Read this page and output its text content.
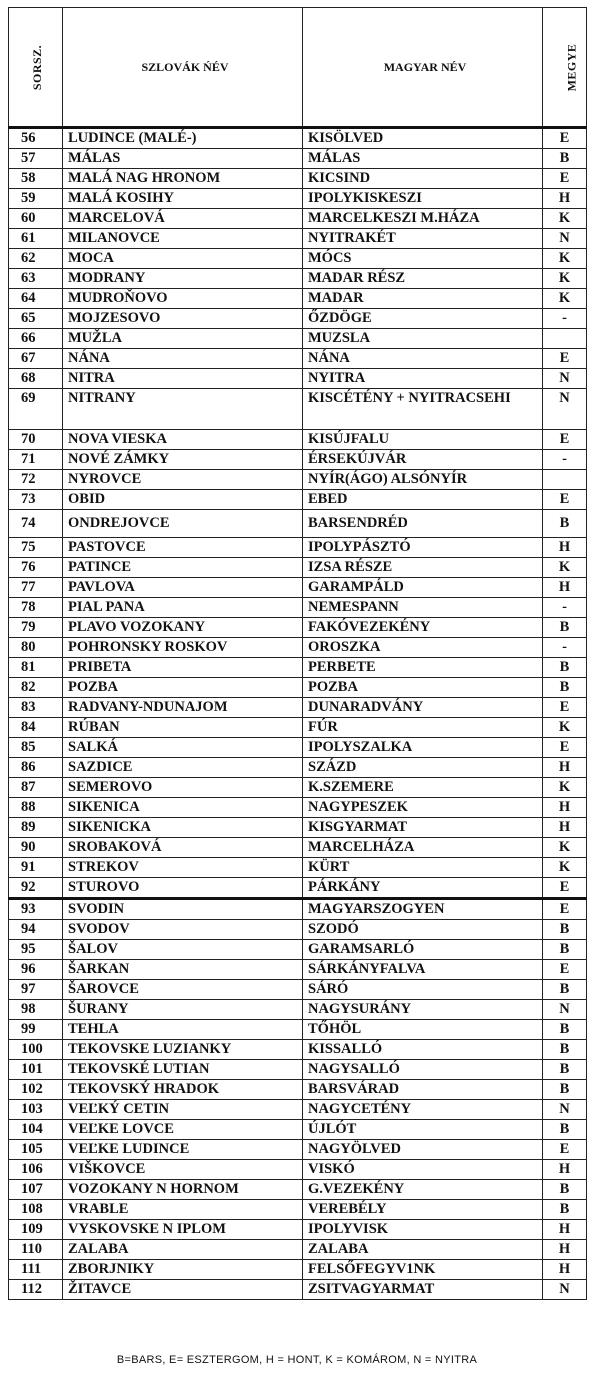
SORSZ.	SZLOVÁK ŃÉV	MAGYAR NÉV	MEGYE
56	LUDINCE (MALÉ-)	KISÖLVED	E
57	MÁLAS	MÁLAS	B
58	MALÁ NAG HRONOM	KICSIND	E
59	MALÁ KOSIHY	IPOLYKISKESZI	H
60	MARCELOVÁ	MARCELKESZI M.HÁZA	K
61	MILANOVCE	NYITRAKÉT	N
62	MOCA	MÓCS	K
63	MODRANY	MADAR RÉSZ	K
64	MUDROŇOVO	MADAR	K
65	MOJZESOVO	ŐZDÖGE	-
66	MUŽLA	MUZSLA	
67	NÁNA	NÁNA	E
68	NITRA	NYITRA	N
69	NITRANY	KISCÉTÉNY + NYITRACSEHI	N
70	NOVA VIESKA	KISÚJFALU	E
71	NOVÉ ZÁMKY	ÉRSEKÚJVÁR	-
72	NYROVCE	NYÍR(ÁGO) ALSÓNYÍR	
73	OBID	EBED	E
74	ONDREJOVCE	BARSENDRÉD	B
75	PASTOVCE	IPOLYPÁSZTÓ	H
76	PATINCE	IZSA RÉSZE	K
77	PAVLOVA	GARAMPÁLD	H
78	PIAL PANA	NEMESPANN	-
79	PLAVO VOZOKANY	FAKÓVEZEKÉNY	B
80	POHRONSKY ROSKOV	OROSZKA	-
81	PRIBETA	PERBETE	B
82	POZBA	POZBA	B
83	RADVANY-NDUNAJOM	DUNARADVÁNY	E
84	RÚBAN	FÚR	K
85	SALKÁ	IPOLYSZALKA	E
86	SAZDICE	SZÁZD	H
87	SEMEROVO	K.SZEMERE	K
88	SIKENICA	NAGYPESZEK	H
89	SIKENICKA	KISGYARMAT	H
90	SROBAKOVÁ	MARCELHÁZA	K
91	STREKOV	KÜRT	K
92	STUROVO	PÁRKÁNY	E
93	SVODIN	MAGYARSZOGYEN	E
94	SVODOV	SZODÓ	B
95	ŠALOV	GARAMSARLÓ	B
96	ŠARKAN	SÁRKÁNYFALVA	E
97	ŠAROVCE	SÁRÓ	B
98	ŠURANY	NAGYSURÁNY	N
99	TEHLA	TŐHÖL	B
100	TEKOVSKE LUZIANKY	KISSALLÓ	B
101	TEKOVSKÉ LUTIAN	NAGYSALLÓ	B
102	TEKOVSKÝ HRADOK	BARSVÁRAD	B
103	VEĽKÝ CETIN	NAGYCETÉNY	N
104	VEĽKE LOVCE	ÚJLÓT	B
105	VEĽKE LUDINCE	NAGYÖLVED	E
106	VIŠKOVCE	VISKÓ	H
107	VOZOKANY N HORNOM	G.VEZEKÉNY	B
108	VRABLE	VEREBÉLY	B
109	VYSKOVSKE N IPLOM	IPOLYVISK	H
110	ZALABA	ZALABA	H
111	ZBORJNIKY	FELSŐFEGYV1NK	H
112	ŽITAVCE	ZSITVAGYARMAT	N
B=BARS, E= ESZTERGOM, H = HONT, K = KOMÁROM, N = NYITRA
